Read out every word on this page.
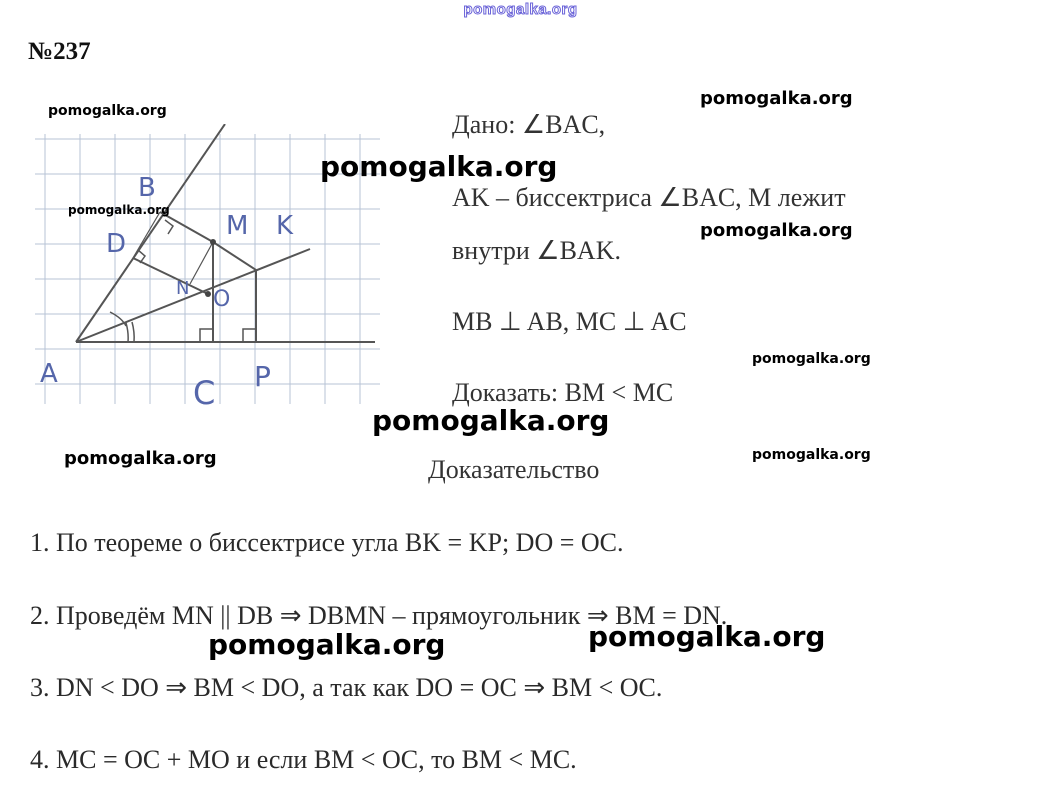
pomogalka.org
№237
B
D
M K
N O
A	C P
Дано: ∠BAC,
AK – биссектриса ∠BAC, M лежит
внутри ∠BAK.
MB ⊥ AB, MC ⊥ AC
Доказать: BM < MC
Доказательство
1. По теореме о биссектрисе угла BK = KP; DO = OC.
2. Проведём MN || DB ⇒ DBMN – прямоугольник ⇒ BM = DN.
3. DN < DO ⇒ BM < DO, а так как DO = OC ⇒ BM < OC.
4. MC = OC + MO и если BM < OC, то BM < MC.
pomogalka.org
pomogalka.org
pomogalka.org
pomogalka.org
pomogalka.org
pomogalka.org
pomogalka.org
pomogalka.org	pomogalka.org
pomogalka.org
pomogalka.org
